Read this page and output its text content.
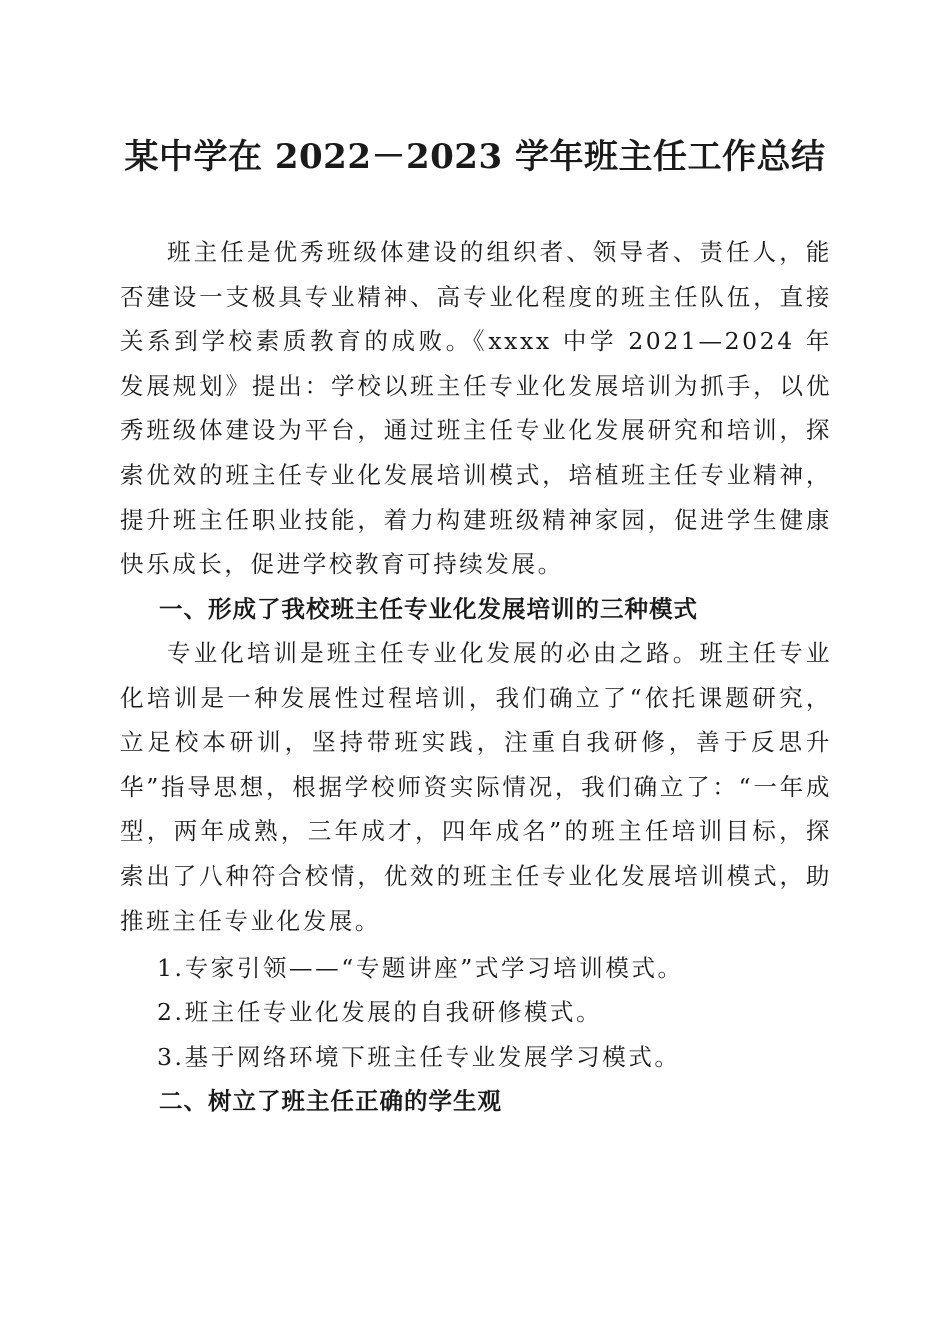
某中学在 2022－2023 学年班主任工作总结

班主任是优秀班级体建设的组织者、领导者、责任人，能否建设一支极具专业精神、高专业化程度的班主任队伍，直接关系到学校素质教育的成败。《xxxx 中学 2021—2024 年发展规划》提出：学校以班主任专业化发展培训为抓手，以优秀班级体建设为平台，通过班主任专业化发展研究和培训，探索优效的班主任专业化发展培训模式，培植班主任专业精神，提升班主任职业技能，着力构建班级精神家园，促进学生健康快乐成长，促进学校教育可持续发展。

一、形成了我校班主任专业化发展培训的三种模式

专业化培训是班主任专业化发展的必由之路。班主任专业化培训是一种发展性过程培训，我们确立了“依托课题研究，立足校本研训，坚持带班实践，注重自我研修，善于反思升华”指导思想，根据学校师资实际情况，我们确立了：“一年成型，两年成熟，三年成才，四年成名”的班主任培训目标，探索出了八种符合校情，优效的班主任专业化发展培训模式，助推班主任专业化发展。

1.专家引领——“专题讲座”式学习培训模式。

2.班主任专业化发展的自我研修模式。

3.基于网络环境下班主任专业发展学习模式。

二、树立了班主任正确的学生观
